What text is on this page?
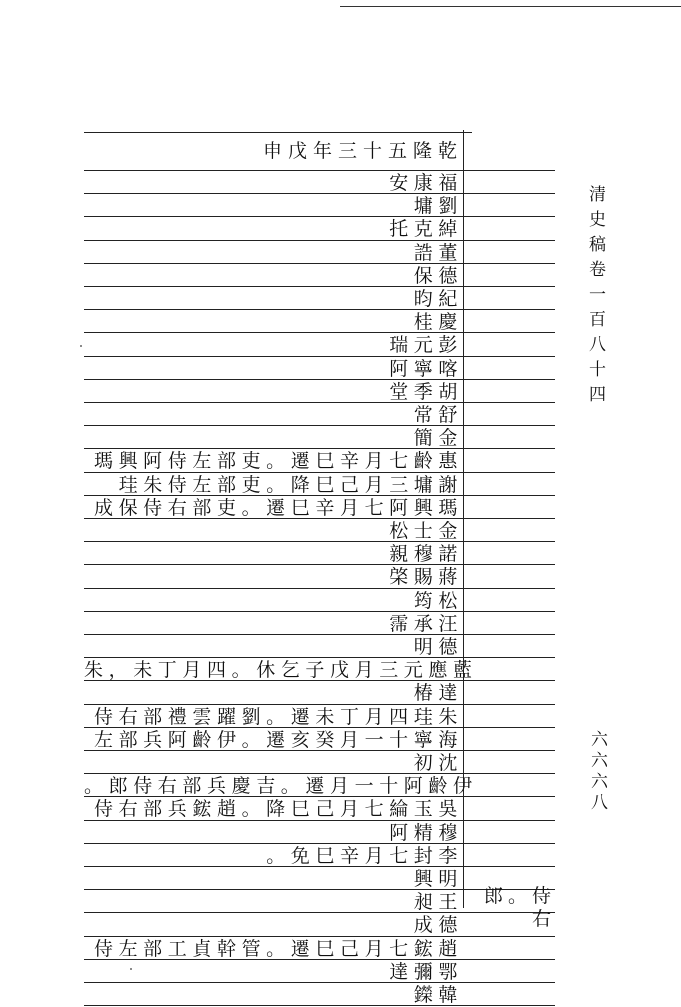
清史稿卷一百八十四
六六六八
申戊年三十五隆乾
安康福
墉劉
托克綽
誥董
保德
昀紀
桂慶
瑞元彭
阿寧喀
堂季胡
常舒
簡金
瑪興阿侍左部吏。遷巳辛月七齡惠
珪朱侍左部吏。降巳己月三墉謝
成保侍右部吏。遷巳辛月七阿興瑪
松士金
親穆諾
棨賜蔣
筠松
霈承汪
明德
朱，未丁月四。休乞子戊月三元應藍
椿達
侍右部禮雲躍劉。遷未丁月四珪朱
左部兵阿齡伊。遷亥癸月一十寧海
初沈
。郎侍右部兵慶吉。遷月一十阿齡伊
侍右部兵鋐趙。降巳己月七綸玉吳
阿精穆
。免巳辛月七封李
興明
昶王
成德
侍左部工貞幹管。遷巳己月七鋐趙
達彌鄂
鑅韓
郎。侍右
